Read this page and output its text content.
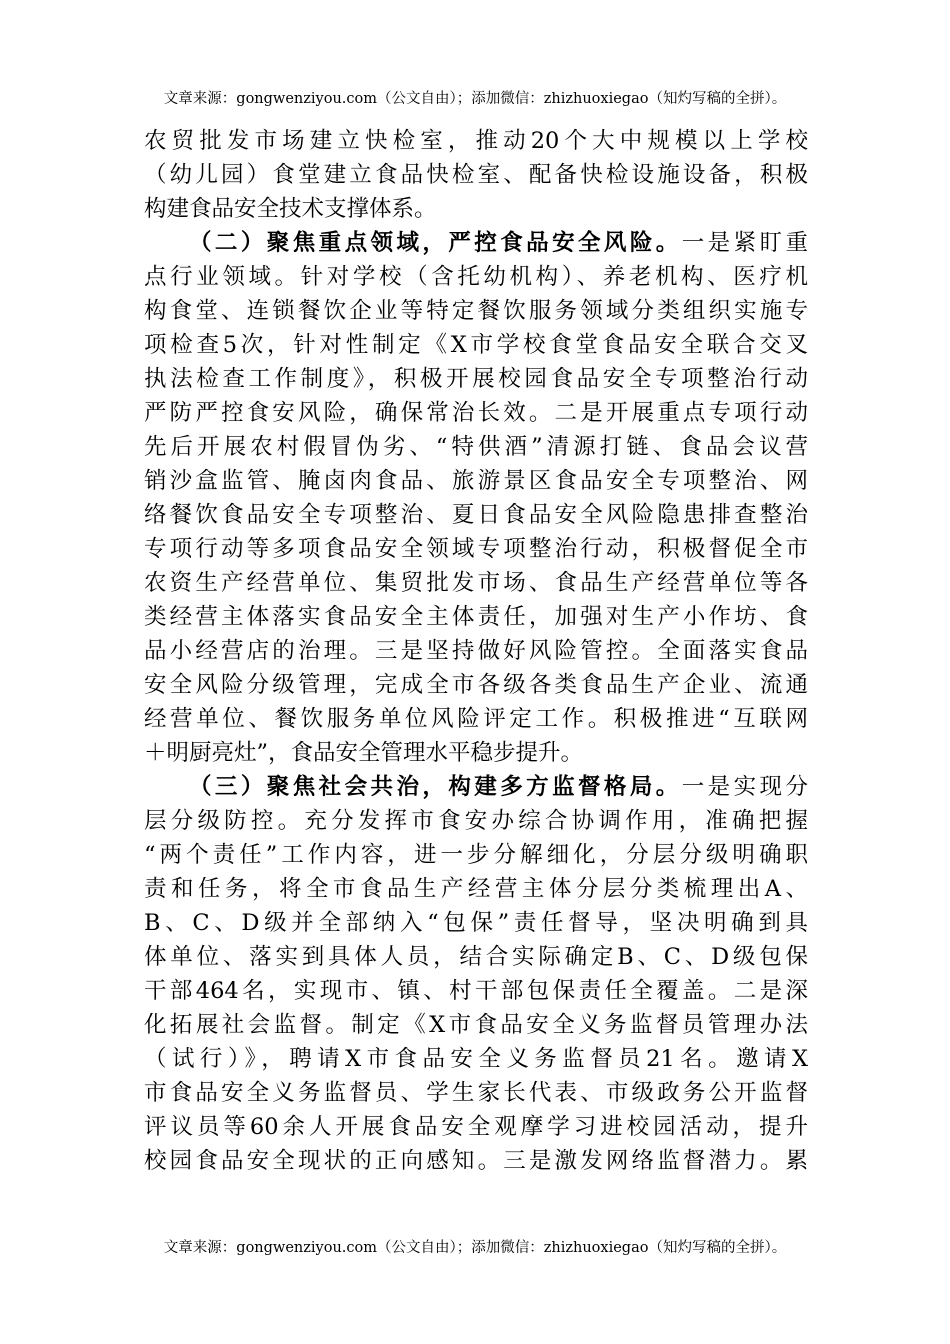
文章来源：gongwenziyou.com（公文自由）；添加微信：zhizhuoxiegao（知灼写稿的全拼）。
农贸批发市场建立快检室，推动20个大中规模以上学校
（幼儿园）食堂建立食品快检室、配备快检设施设备，积极
构建食品安全技术支撑体系。
（二）聚焦重点领域，严控食品安全风险。一是紧盯重
点行业领域。针对学校（含托幼机构）、养老机构、医疗机
构食堂、连锁餐饮企业等特定餐饮服务领域分类组织实施专
项检查5次，针对性制定《X市学校食堂食品安全联合交叉
执法检查工作制度》，积极开展校园食品安全专项整治行动
严防严控食安风险，确保常治长效。二是开展重点专项行动
先后开展农村假冒伪劣、“特供酒”清源打链、食品会议营
销沙盒监管、腌卤肉食品、旅游景区食品安全专项整治、网
络餐饮食品安全专项整治、夏日食品安全风险隐患排查整治
专项行动等多项食品安全领域专项整治行动，积极督促全市
农资生产经营单位、集贸批发市场、食品生产经营单位等各
类经营主体落实食品安全主体责任，加强对生产小作坊、食
品小经营店的治理。三是坚持做好风险管控。全面落实食品
安全风险分级管理，完成全市各级各类食品生产企业、流通
经营单位、餐饮服务单位风险评定工作。积极推进“互联网
＋明厨亮灶”，食品安全管理水平稳步提升。
（三）聚焦社会共治，构建多方监督格局。一是实现分
层分级防控。充分发挥市食安办综合协调作用，准确把握
“两个责任”工作内容，进一步分解细化，分层分级明确职
责和任务，将全市食品生产经营主体分层分类梳理出A、
B、C、D级并全部纳入“包保”责任督导，坚决明确到具
体单位、落实到具体人员，结合实际确定B、C、D级包保
干部464名，实现市、镇、村干部包保责任全覆盖。二是深
化拓展社会监督。制定《X市食品安全义务监督员管理办法
（试行）》，聘请X市食品安全义务监督员21名。邀请X
市食品安全义务监督员、学生家长代表、市级政务公开监督
评议员等60余人开展食品安全观摩学习进校园活动，提升
校园食品安全现状的正向感知。三是激发网络监督潜力。累
文章来源：gongwenziyou.com（公文自由）；添加微信：zhizhuoxiegao（知灼写稿的全拼）。
